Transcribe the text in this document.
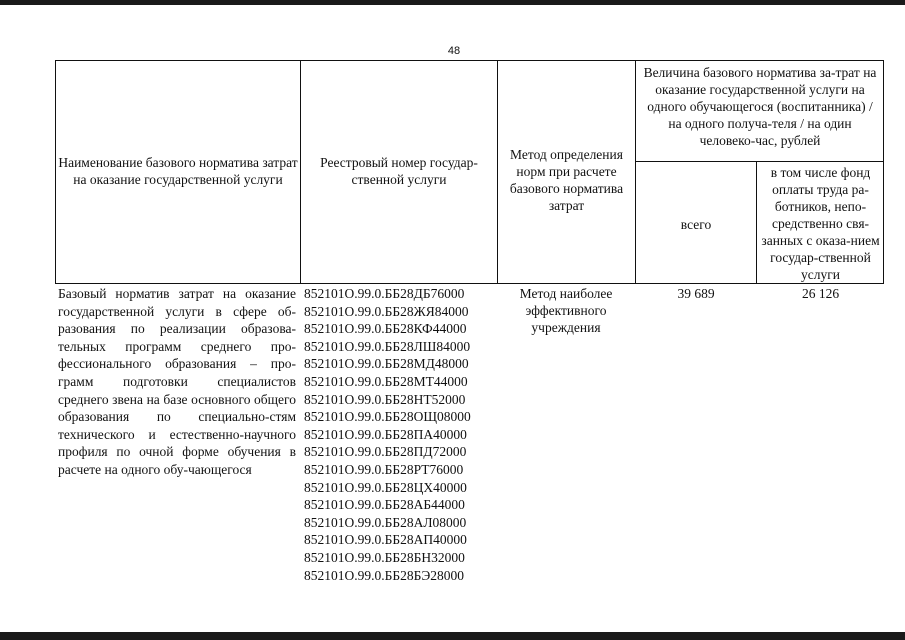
48
Наименование базового норматива затрат на оказание государственной услуги
Реестровый номер государ-ственной услуги
Метод определения норм при расчете базового норматива затрат
Величина базового норматива за-трат на оказание государственной услуги на одного обучающегося (воспитанника) / на одного получа-теля / на один человеко-час, рублей
всего
в том числе фонд оплаты труда ра-ботников, непо-средственно свя-занных с оказа-нием государ-ственной услуги
Базовый норматив затрат на оказание государственной услуги в сфере об-разования по реализации образова-тельных программ среднего про-фессионального образования – про-грамм подготовки специалистов среднего звена на базе основного общего образования по специально-стям технического и естественно-научного профиля по очной форме обучения в расчете на одного обу-чающегося
852101О.99.0.ББ28ДБ76000
852101О.99.0.ББ28ЖЯ84000
852101О.99.0.ББ28КФ44000
852101О.99.0.ББ28ЛШ84000
852101О.99.0.ББ28МД48000
852101О.99.0.ББ28МТ44000
852101О.99.0.ББ28НТ52000
852101О.99.0.ББ28ОЩ08000
852101О.99.0.ББ28ПА40000
852101О.99.0.ББ28ПД72000
852101О.99.0.ББ28РТ76000
852101О.99.0.ББ28ЦХ40000
852101О.99.0.ББ28АБ44000
852101О.99.0.ББ28АЛ08000
852101О.99.0.ББ28АП40000
852101О.99.0.ББ28БН32000
852101О.99.0.ББ28БЭ28000
Метод наиболее эффективного учреждения
39 689	26 126
